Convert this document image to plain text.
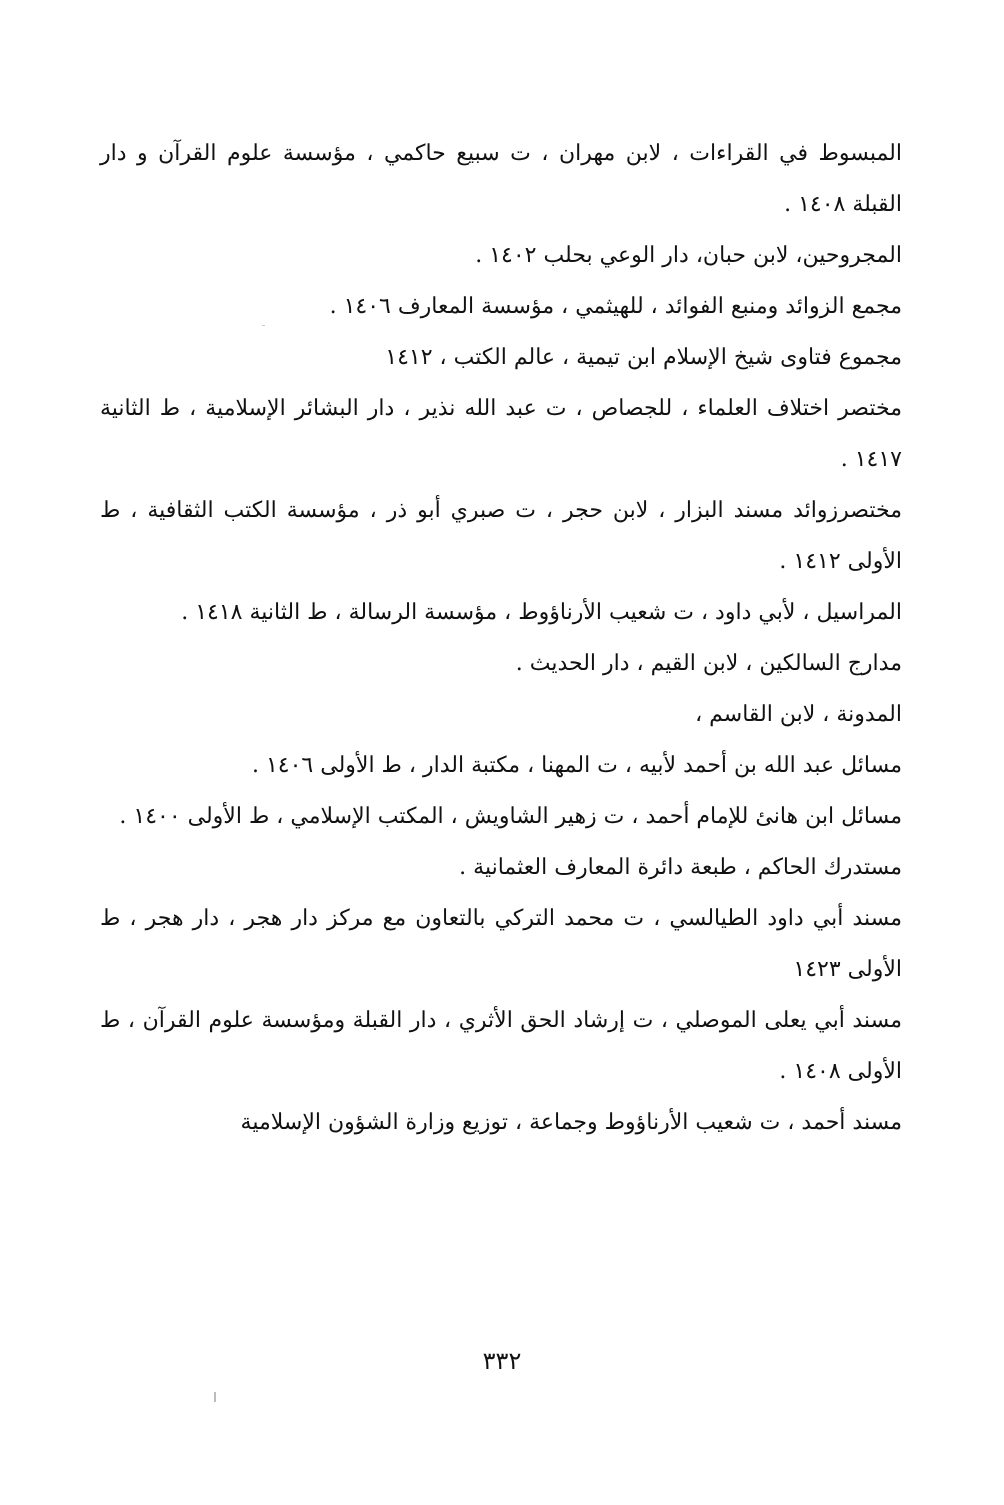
المبسوط في القراءات ، لابن مهران ، ت سبيع حاكمي ، مؤسسة علوم القرآن و دار القبلة ١٤٠٨ .
المجروحين، لابن حبان، دار الوعي بحلب ١٤٠٢ .
مجمع الزوائد ومنبع الفوائد ، للهيثمي ، مؤسسة المعارف ١٤٠٦ .
مجموع فتاوى شيخ الإسلام ابن تيمية ، عالم الكتب ، ١٤١٢
مختصر اختلاف العلماء ، للجصاص ، ت عبد الله نذير ، دار البشائر الإسلامية ، ط الثانية ١٤١٧ .
مختصرزوائد مسند البزار ، لابن حجر ، ت صبري أبو ذر ، مؤسسة الكتب الثقافية ، ط الأولى ١٤١٢ .
المراسيل ، لأبي داود ، ت شعيب الأرناؤوط ، مؤسسة الرسالة ، ط الثانية ١٤١٨ .
مدارج السالكين ، لابن القيم ، دار الحديث .
المدونة ، لابن القاسم ،
مسائل عبد الله بن أحمد لأبيه ، ت المهنا ، مكتبة الدار ، ط الأولى ١٤٠٦ .
مسائل ابن هانئ للإمام أحمد ، ت زهير الشاويش ، المكتب الإسلامي ، ط الأولى ١٤٠٠ .
مستدرك الحاكم ، طبعة دائرة المعارف العثمانية .
مسند أبي داود الطيالسي ، ت محمد التركي بالتعاون مع مركز دار هجر ، دار هجر ، ط الأولى ١٤٢٣
مسند أبي يعلى الموصلي ، ت إرشاد الحق الأثري ، دار القبلة ومؤسسة علوم القرآن ، ط الأولى ١٤٠٨ .
مسند أحمد ، ت شعيب الأرناؤوط وجماعة ، توزيع وزارة الشؤون الإسلامية
٣٣٢
